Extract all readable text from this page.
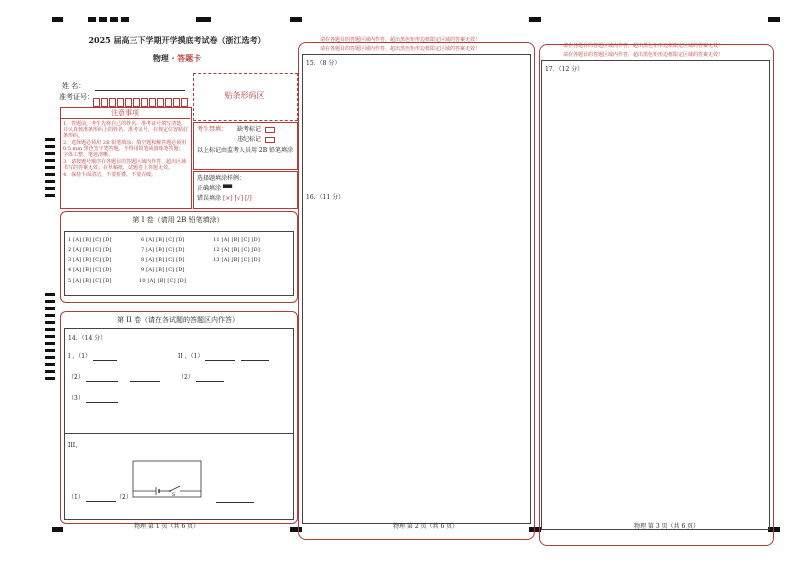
2025 届高三下学期开学摸底考试卷（浙江选考）
物理 · 答题卡
姓 名：
准考证号：	贴条形码区
注意事项
1．答题前，考生先将自己的姓名、准考证号填写清楚，并认真核准条形码上的姓名、准考证号，在规定位置贴好条形码。
2．选择题必须用 2B 铅笔填涂；填空题和解答题必须用 0.5 mm 黑色签字笔答题，不得用铅笔或圆珠笔答题；字体工整、笔迹清晰。
3．请按题号顺序在各题目的答题区域内作答，超出区域书写的答案无效；在草稿纸、试题卷上答题无效。
4．保持卡面清洁，不要折叠、不要弄破。
考生禁填： 缺考标记
违纪标记
以上标记由监考人员用 2B 铅笔填涂
选择题填涂样例：
正确填涂 ▀▀
错误填涂 [×] [√] [/]
第 I 卷（请用 2B 铅笔填涂）
1 [A] [B] [C] [D]
2 [A] [B] [C] [D]
3 [A] [B] [C] [D]
4 [A] [B] [C] [D]
5 [A] [B] [C] [D]
6 [A] [B] [C] [D]
7 [A] [B] [C] [D]
8 [A] [B] [C] [D]
9 [A] [B] [C] [D]
10 [A] [B] [C] [D]
11 [A] [B] [C] [D]
12 [A] [B] [C] [D]
13 [A] [B] [C] [D]
第 II 卷（请在各试题的答题区内作答）
14．（14 分）
I 、（1）	II 、（1）
（2）	（2）
（3）
III、
S
（1）	（2）
物理 第 1 页（共 6 页）
请在各题目的答题区域内作答，超出黑色矩形边框限定区域的答案无效！
请在各题目的答题区域内作答，超出黑色矩形边框限定区域的答案无效！
15．（8 分）
16．（11 分）
物理 第 2 页（共 6 页）
请在各题目的答题区域内作答，超出黑色矩形边框限定区域的答案无效！
请在各题目的答题区域内作答，超出黑色矩形边框限定区域的答案无效！
17．（12 分）
物理 第 3 页（共 6 页）
